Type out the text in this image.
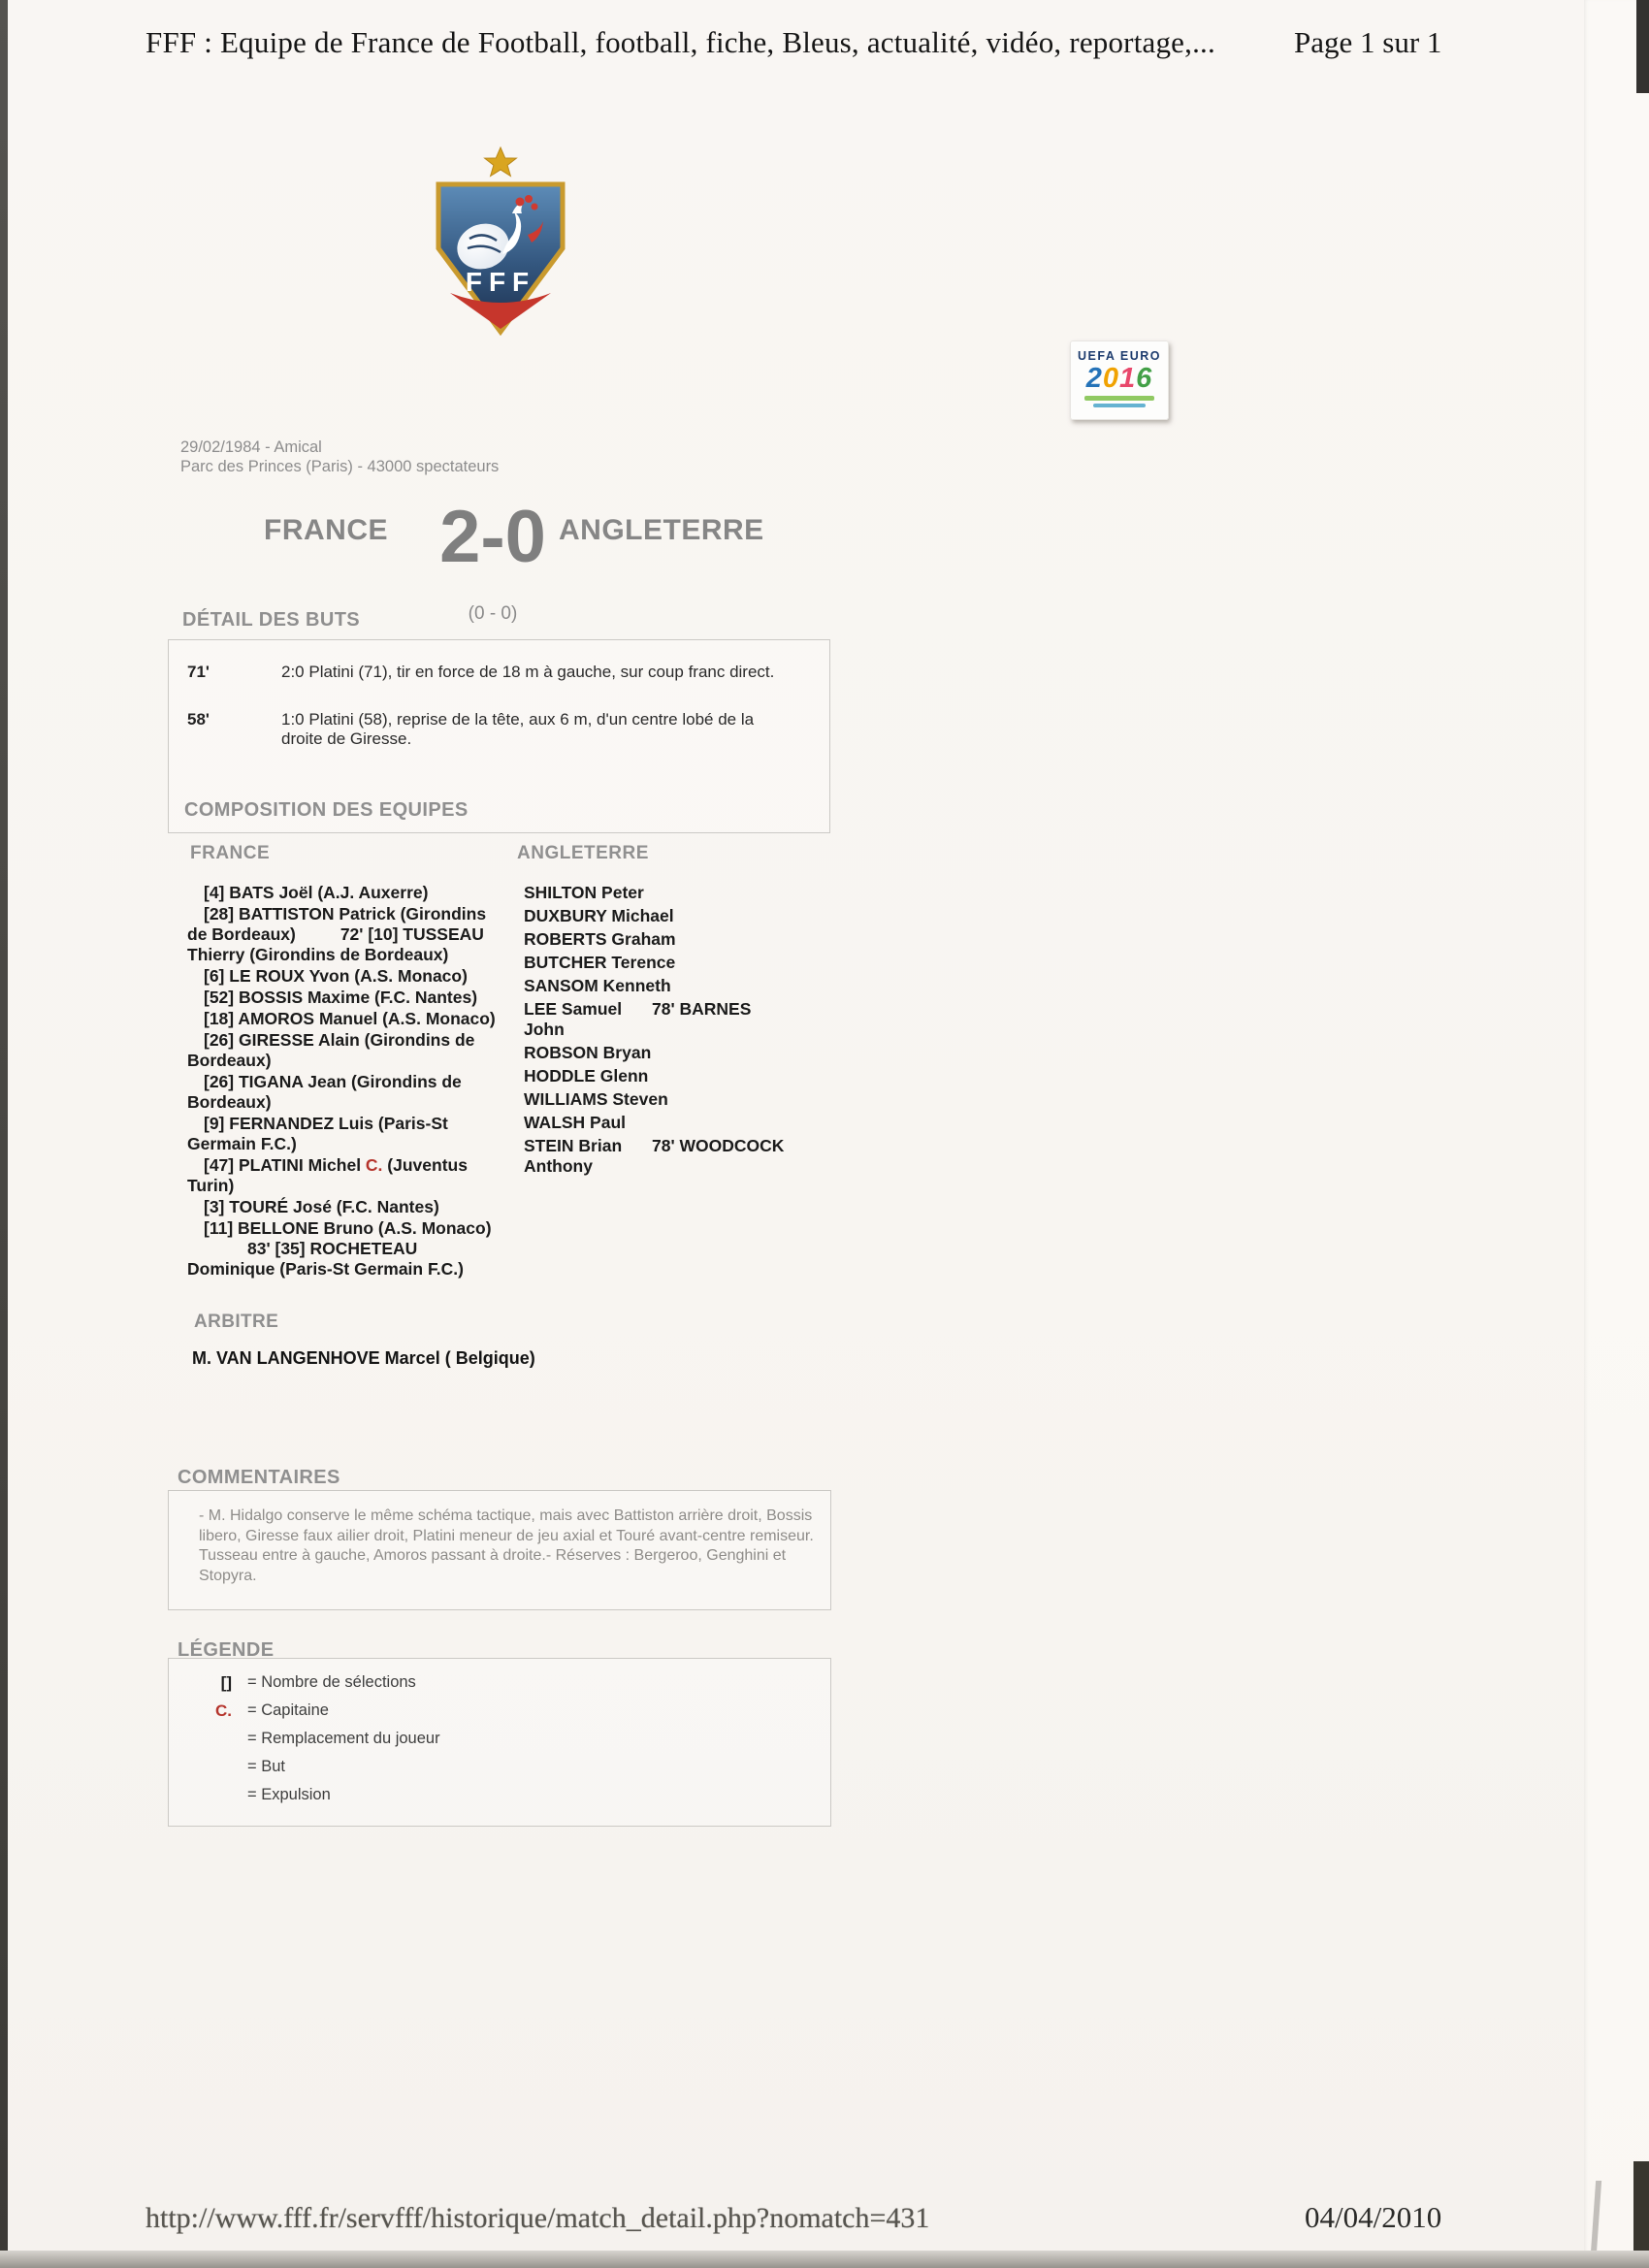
FFF : Equipe de France de Football, football, fiche, Bleus, actualité, vidéo, reportage,...	Page 1 sur 1
FFF
UEFA EURO
2016
29/02/1984 - Amical
Parc des Princes (Paris) - 43000 spectateurs
FRANCE 2-0 ANGLETERRE
(0 - 0)
DÉTAIL DES BUTS
71'	2:0 Platini (71), tir en force de 18 m à gauche, sur coup franc direct.
58'	1:0 Platini (58), reprise de la tête, aux 6 m, d'un centre lobé de la droite de Giresse.
COMPOSITION DES EQUIPES
FRANCE	ANGLETERRE
[4] BATS Joël (A.J. Auxerre)
[28] BATTISTON Patrick (Girondins de Bordeaux)	72' [10] TUSSEAU Thierry (Girondins de Bordeaux)
[6] LE ROUX Yvon (A.S. Monaco)
[52] BOSSIS Maxime (F.C. Nantes)
[18] AMOROS Manuel (A.S. Monaco)
[26] GIRESSE Alain (Girondins de Bordeaux)
[26] TIGANA Jean (Girondins de Bordeaux)
[9] FERNANDEZ Luis (Paris-St Germain F.C.)
[47] PLATINI Michel C. (Juventus Turin)
[3] TOURÉ José (F.C. Nantes)
[11] BELLONE Bruno (A.S. Monaco)
83' [35] ROCHETEAU Dominique (Paris-St Germain F.C.)
SHILTON Peter
DUXBURY Michael
ROBERTS Graham
BUTCHER Terence
SANSOM Kenneth
LEE Samuel 78' BARNES John
ROBSON Bryan
HODDLE Glenn
WILLIAMS Steven
WALSH Paul
STEIN Brian 78' WOODCOCK Anthony
ARBITRE
M. VAN LANGENHOVE Marcel ( Belgique)
COMMENTAIRES
- M. Hidalgo conserve le même schéma tactique, mais avec Battiston arrière droit, Bossis libero, Giresse faux ailier droit, Platini meneur de jeu axial et Touré avant-centre remiseur. Tusseau entre à gauche, Amoros passant à droite.- Réserves : Bergeroo, Genghini et Stopyra.
LÉGENDE
[] = Nombre de sélections
C. = Capitaine
= Remplacement du joueur
= But
= Expulsion
http://www.fff.fr/servfff/historique/match_detail.php?nomatch=431	04/04/2010
